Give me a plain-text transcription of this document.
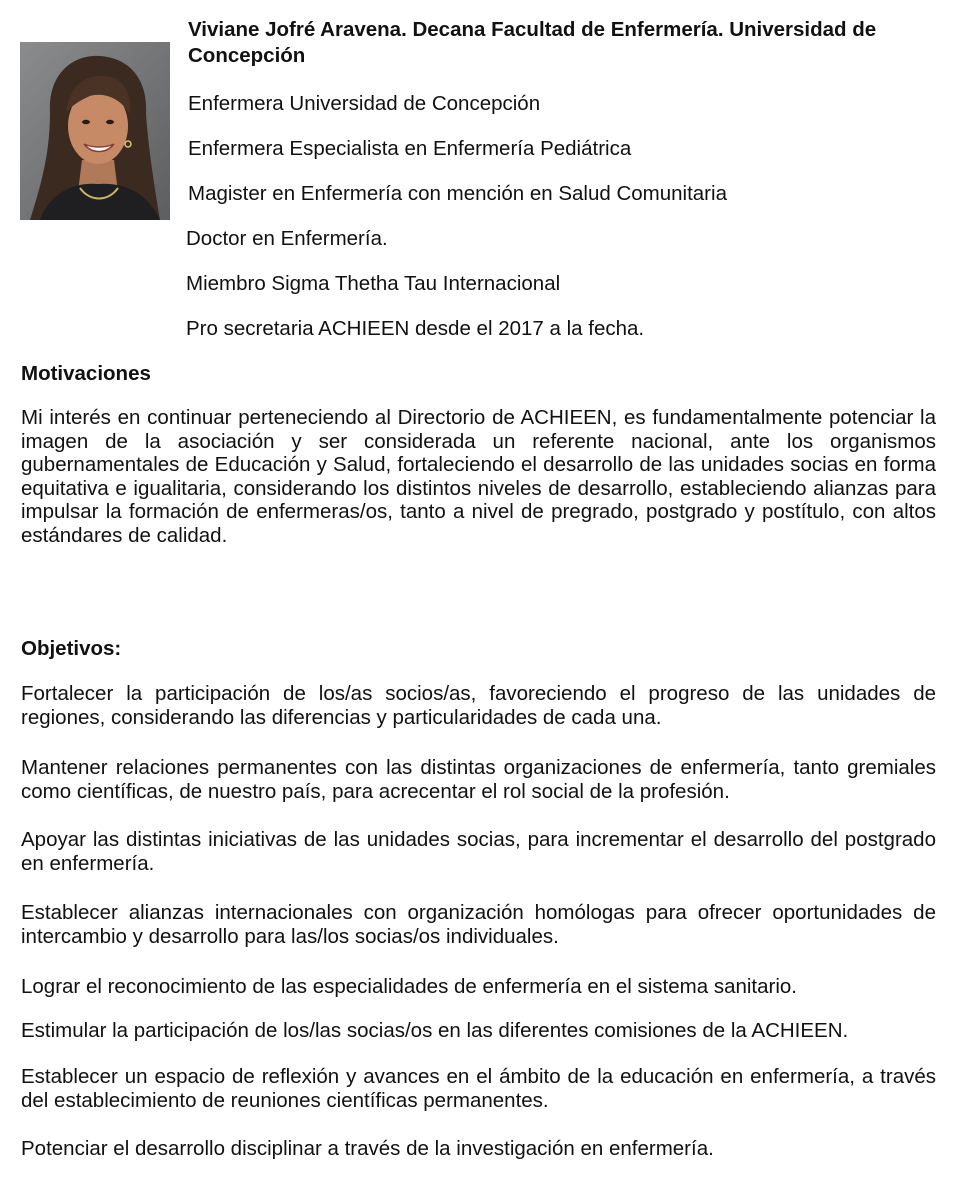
Viviane Jofré Aravena. Decana Facultad de Enfermería. Universidad de Concepción

Enfermera Universidad de Concepción

Enfermera Especialista en Enfermería Pediátrica

Magister en Enfermería con mención en Salud Comunitaria

Doctor en Enfermería.

Miembro Sigma Thetha Tau Internacional

Pro secretaria ACHIEEN desde el 2017 a la fecha.

Motivaciones

Mi interés en continuar perteneciendo al Directorio de ACHIEEN, es fundamentalmente potenciar la imagen de la asociación y ser considerada un referente nacional, ante los organismos gubernamentales de Educación y Salud, fortaleciendo el desarrollo de las unidades socias en forma equitativa e igualitaria, considerando los distintos niveles de desarrollo, estableciendo alianzas para impulsar la formación de enfermeras/os, tanto a nivel de pregrado, postgrado y postítulo, con altos estándares de calidad.

Objetivos:

Fortalecer la participación de los/as socios/as, favoreciendo el progreso de las unidades de regiones, considerando las diferencias y particularidades de cada una.

Mantener relaciones permanentes con las distintas organizaciones de enfermería, tanto gremiales como científicas, de nuestro país, para acrecentar el rol social de la profesión.

Apoyar las distintas iniciativas de las unidades socias, para incrementar el desarrollo del postgrado en enfermería.

Establecer alianzas internacionales con organización homólogas para ofrecer oportunidades de intercambio y desarrollo para las/los socias/os individuales.

Lograr el reconocimiento de las especialidades de enfermería en el sistema sanitario.

Estimular la participación de los/las socias/os en las diferentes comisiones de la ACHIEEN.

Establecer un espacio de reflexión y avances en el ámbito de la educación en enfermería, a través del establecimiento de reuniones científicas permanentes.

Potenciar el desarrollo disciplinar a través de la investigación en enfermería.
